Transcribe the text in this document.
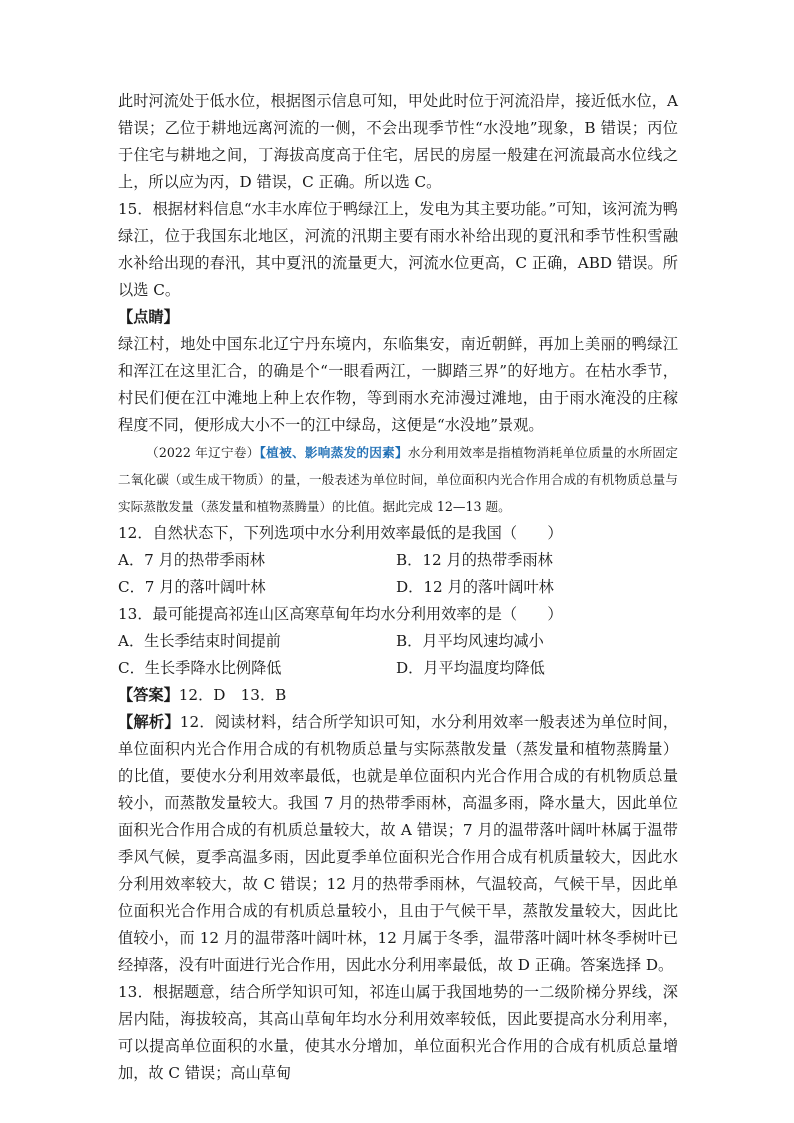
此时河流处于低水位，根据图示信息可知，甲处此时位于河流沿岸，接近低水位，A 错误；乙位于耕地远离河流的一侧，不会出现季节性“水没地”现象，B 错误；丙位于住宅与耕地之间，丁海拔高度高于住宅，居民的房屋一般建在河流最高水位线之上，所以应为丙，D 错误，C 正确。所以选 C。

15．根据材料信息“水丰水库位于鸭绿江上，发电为其主要功能。”可知，该河流为鸭绿江，位于我国东北地区，河流的汛期主要有雨水补给出现的夏汛和季节性积雪融水补给出现的春汛，其中夏汛的流量更大，河流水位更高，C 正确，ABD 错误。所以选 C。

【点睛】

绿江村，地处中国东北辽宁丹东境内，东临集安，南近朝鲜，再加上美丽的鸭绿江和浑江在这里汇合，的确是个“一眼看两江，一脚踏三界”的好地方。在枯水季节，村民们便在江中滩地上种上农作物，等到雨水充沛漫过滩地，由于雨水淹没的庄稼程度不同，便形成大小不一的江中绿岛，这便是“水没地”景观。

（2022 年辽宁卷）【植被、影响蒸发的因素】水分利用效率是指植物消耗单位质量的水所固定二氧化碳（或生成干物质）的量，一般表述为单位时间，单位面积内光合作用合成的有机物质总量与实际蒸散发量（蒸发量和植物蒸腾量）的比值。据此完成 12—13 题。

12．自然状态下，下列选项中水分利用效率最低的是我国（　　）

A．7 月的热带季雨林	B．12 月的热带季雨林
C．7 月的落叶阔叶林	D．12 月的落叶阔叶林

13．最可能提高祁连山区高寒草甸年均水分利用效率的是（　　）

A．生长季结束时间提前	B．月平均风速均减小
C．生长季降水比例降低	D．月平均温度均降低

【答案】12．D　13．B

【解析】12．阅读材料，结合所学知识可知，水分利用效率一般表述为单位时间，单位面积内光合作用合成的有机物质总量与实际蒸散发量（蒸发量和植物蒸腾量）的比值，要使水分利用效率最低，也就是单位面积内光合作用合成的有机物质总量较小，而蒸散发量较大。我国 7 月的热带季雨林，高温多雨，降水量大，因此单位面积光合作用合成的有机质总量较大，故 A 错误；7 月的温带落叶阔叶林属于温带季风气候，夏季高温多雨，因此夏季单位面积光合作用合成有机质量较大，因此水分利用效率较大，故 C 错误；12 月的热带季雨林，气温较高，气候干旱，因此单位面积光合作用合成的有机质总量较小，且由于气候干旱，蒸散发量较大，因此比值较小，而 12 月的温带落叶阔叶林，12 月属于冬季，温带落叶阔叶林冬季树叶已经掉落，没有叶面进行光合作用，因此水分利用率最低，故 D 正确。答案选择 D。

13．根据题意，结合所学知识可知，祁连山属于我国地势的一二级阶梯分界线，深居内陆，海拔较高，其高山草甸年均水分利用效率较低，因此要提高水分利用率，可以提高单位面积的水量，使其水分增加，单位面积光合作用的合成有机质总量增加，故 C 错误；高山草甸
